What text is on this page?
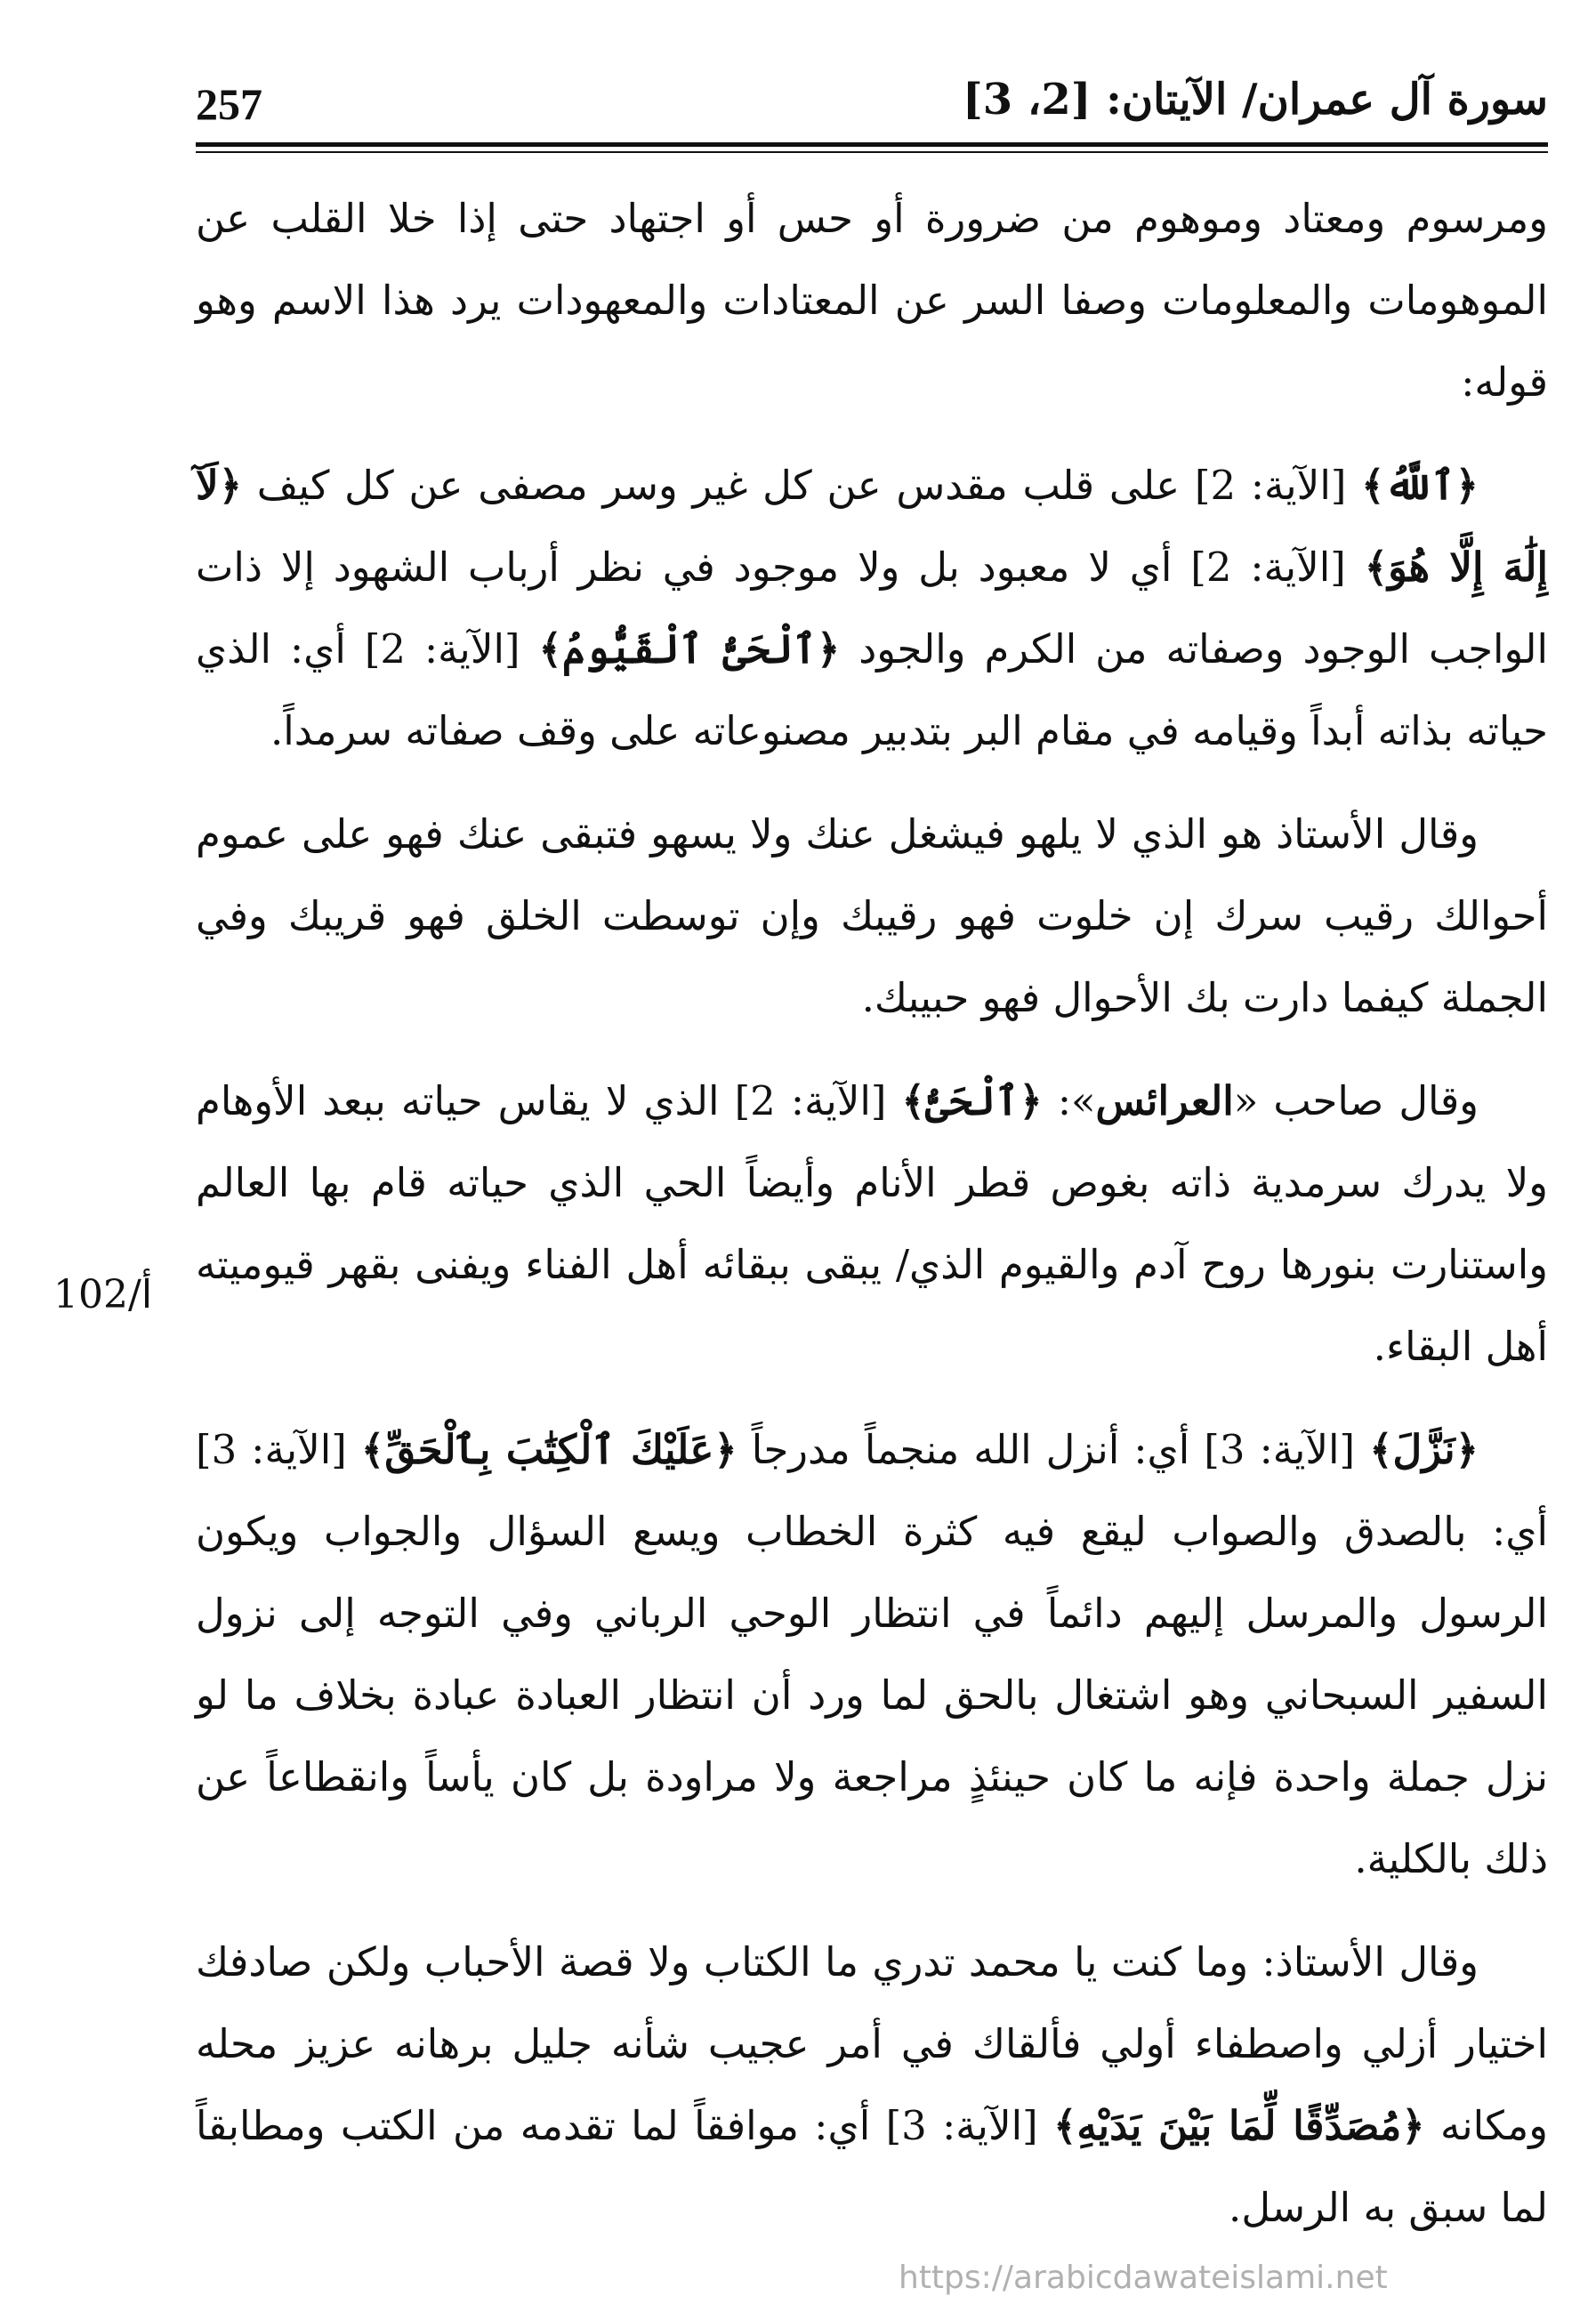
257	سورة آل عمران/ الآيتان: [2، 3]

ومرسوم ومعتاد وموهوم من ضرورة أو حس أو اجتهاد حتى إذا خلا القلب عن الموهومات والمعلومات وصفا السر عن المعتادات والمعهودات يرد هذا الاسم وهو قوله:

﴿ٱللَّهُ﴾ [الآية: 2] على قلب مقدس عن كل غير وسر مصفى عن كل كيف ﴿لَآ إِلَٰهَ إِلَّا هُوَ﴾ [الآية: 2] أي لا معبود بل ولا موجود في نظر أرباب الشهود إلا ذات الواجب الوجود وصفاته من الكرم والجود ﴿ٱلْحَىُّ ٱلْقَيُّومُ﴾ [الآية: 2] أي: الذي حياته بذاته أبداً وقيامه في مقام البر بتدبير مصنوعاته على وقف صفاته سرمداً.

وقال الأستاذ هو الذي لا يلهو فيشغل عنك ولا يسهو فتبقى عنك فهو على عموم أحوالك رقيب سرك إن خلوت فهو رقيبك وإن توسطت الخلق فهو قريبك وفي الجملة كيفما دارت بك الأحوال فهو حبيبك.

وقال صاحب «العرائس»: ﴿ٱلْحَىُّ﴾ [الآية: 2] الذي لا يقاس حياته ببعد الأوهام ولا يدرك سرمدية ذاته بغوص قطر الأنام وأيضاً الحي الذي حياته قام بها العالم واستنارت بنورها روح آدم والقيوم الذي/ يبقى ببقائه أهل الفناء ويفنى بقهر قيوميته أهل البقاء.

﴿نَزَّلَ﴾ [الآية: 3] أي: أنزل الله منجماً مدرجاً ﴿عَلَيْكَ ٱلْكِتَٰبَ بِٱلْحَقِّ﴾ [الآية: 3] أي: بالصدق والصواب ليقع فيه كثرة الخطاب ويسع السؤال والجواب ويكون الرسول والمرسل إليهم دائماً في انتظار الوحي الرباني وفي التوجه إلى نزول السفير السبحاني وهو اشتغال بالحق لما ورد أن انتظار العبادة عبادة بخلاف ما لو نزل جملة واحدة فإنه ما كان حينئذٍ مراجعة ولا مراودة بل كان يأساً وانقطاعاً عن ذلك بالكلية.

وقال الأستاذ: وما كنت يا محمد تدري ما الكتاب ولا قصة الأحباب ولكن صادفك اختيار أزلي واصطفاء أولي فألقاك في أمر عجيب شأنه جليل برهانه عزيز محله ومكانه ﴿مُصَدِّقًا لِّمَا بَيْنَ يَدَيْهِ﴾ [الآية: 3] أي: موافقاً لما تقدمه من الكتب ومطابقاً لما سبق به الرسل.

102/أ
https://arabicdawateislami.net
